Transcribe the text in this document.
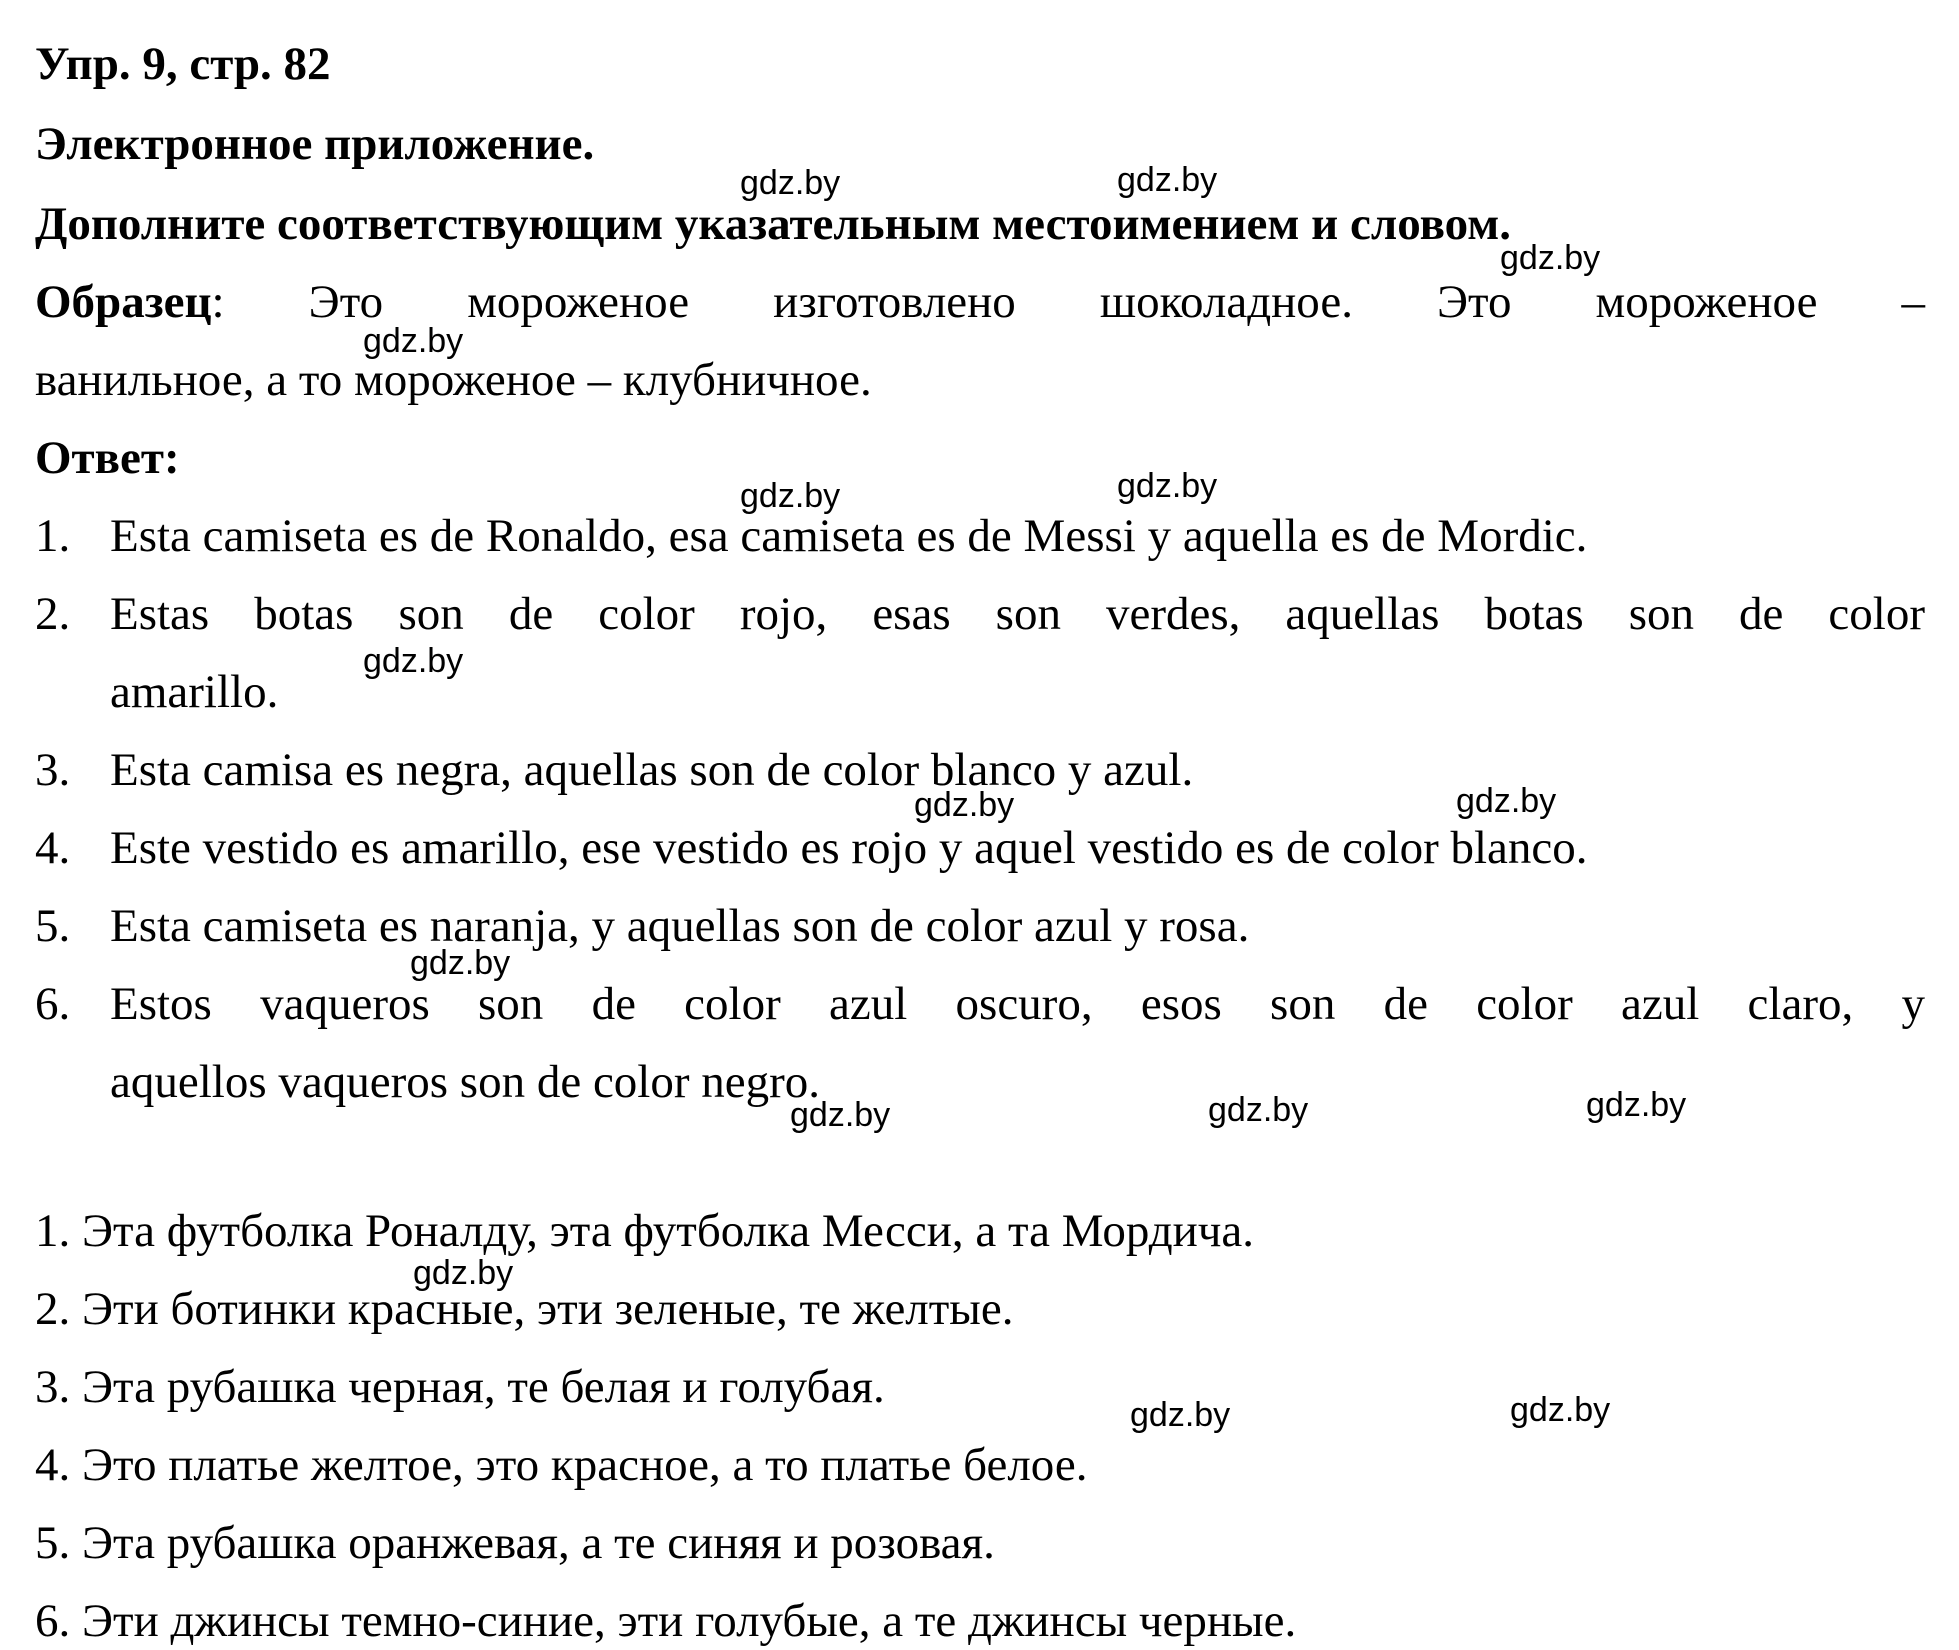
Упр. 9, стр. 82
Электронное приложение.
Дополните соответствующим указательным местоимением и словом.
Образец: Это мороженое изготовлено шоколадное. Это мороженое –
ванильное, а то мороженое – клубничное.
Ответ:
1. Esta camiseta es de Ronaldo, esa camiseta es de Messi y aquella es de Mordic.
2. Estas botas son de color rojo, esas son verdes, aquellas botas son de color
amarillo.
3. Esta camisa es negra, aquellas son de color blanco y azul.
4. Este vestido es amarillo, ese vestido es rojo y aquel vestido es de color blanco.
5. Esta camiseta es naranja, y aquellas son de color azul y rosa.
6. Estos vaqueros son de color azul oscuro, esos son de color azul claro, y
aquellos vaqueros son de color negro.
1. Эта футболка Роналду, эта футболка Месси, а та Мордича.
2. Эти ботинки красные, эти зеленые, те желтые.
3. Эта рубашка черная, те белая и голубая.
4. Это платье желтое, это красное, а то платье белое.
5. Эта рубашка оранжевая, а те синяя и розовая.
6. Эти джинсы темно-синие, эти голубые, а те джинсы черные.
gdz.by	gdz.by
gdz.by
gdz.by
gdz.by	gdz.by
gdz.by
gdz.by	gdz.by
gdz.by
gdz.by	gdz.by	gdz.by
gdz.by
gdz.by	gdz.by
